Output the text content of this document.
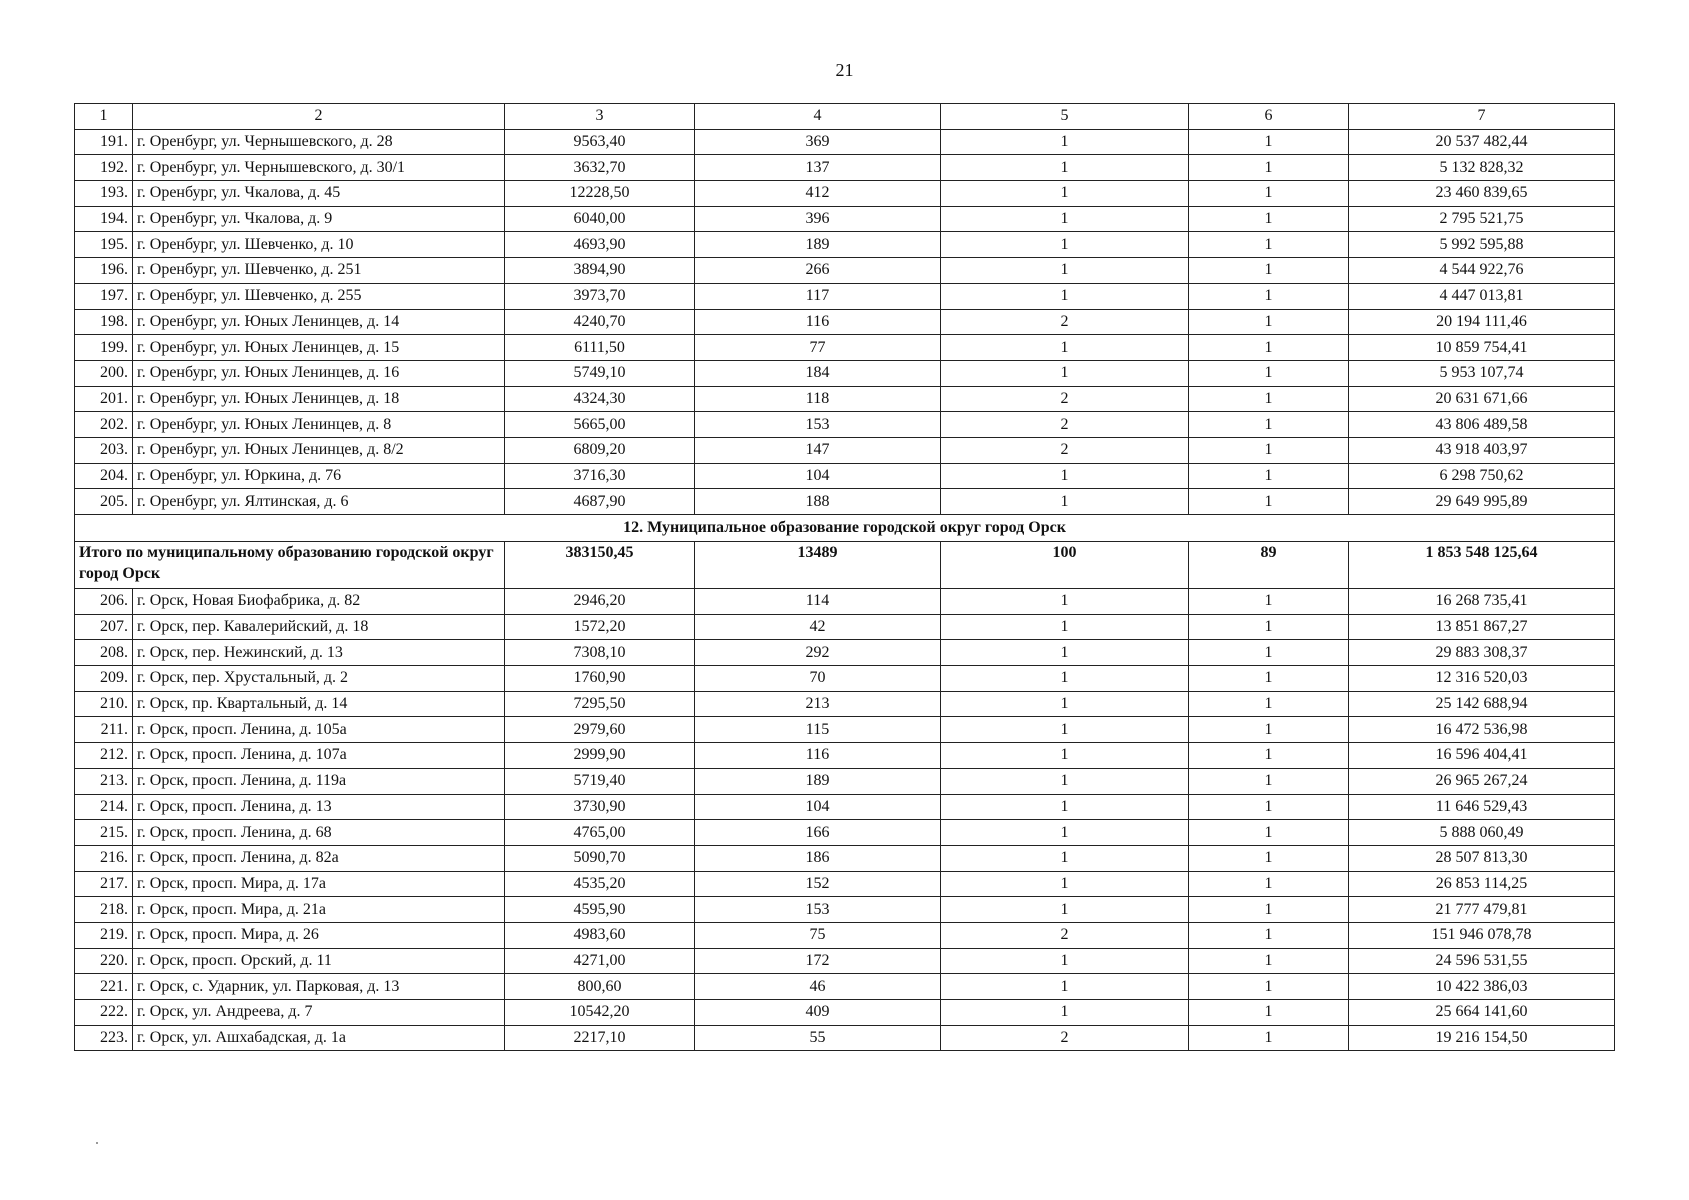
21
1	2	3	4	5	6	7
191.	г. Оренбург, ул. Чернышевского, д. 28	9563,40	369	1	1	20 537 482,44
192.	г. Оренбург, ул. Чернышевского, д. 30/1	3632,70	137	1	1	5 132 828,32
193.	г. Оренбург, ул. Чкалова, д. 45	12228,50	412	1	1	23 460 839,65
194.	г. Оренбург, ул. Чкалова, д. 9	6040,00	396	1	1	2 795 521,75
195.	г. Оренбург, ул. Шевченко, д. 10	4693,90	189	1	1	5 992 595,88
196.	г. Оренбург, ул. Шевченко, д. 251	3894,90	266	1	1	4 544 922,76
197.	г. Оренбург, ул. Шевченко, д. 255	3973,70	117	1	1	4 447 013,81
198.	г. Оренбург, ул. Юных Ленинцев, д. 14	4240,70	116	2	1	20 194 111,46
199.	г. Оренбург, ул. Юных Ленинцев, д. 15	6111,50	77	1	1	10 859 754,41
200.	г. Оренбург, ул. Юных Ленинцев, д. 16	5749,10	184	1	1	5 953 107,74
201.	г. Оренбург, ул. Юных Ленинцев, д. 18	4324,30	118	2	1	20 631 671,66
202.	г. Оренбург, ул. Юных Ленинцев, д. 8	5665,00	153	2	1	43 806 489,58
203.	г. Оренбург, ул. Юных Ленинцев, д. 8/2	6809,20	147	2	1	43 918 403,97
204.	г. Оренбург, ул. Юркина, д. 76	3716,30	104	1	1	6 298 750,62
205.	г. Оренбург, ул. Ялтинская, д. 6	4687,90	188	1	1	29 649 995,89
12. Муниципальное образование городской округ город Орск						
Итого по муниципальному образованию городской округ город Орск		383150,45	13489	100	89	1 853 548 125,64
206.	г. Орск, Новая Биофабрика, д. 82	2946,20	114	1	1	16 268 735,41
207.	г. Орск, пер. Кавалерийский, д. 18	1572,20	42	1	1	13 851 867,27
208.	г. Орск, пер. Нежинский, д. 13	7308,10	292	1	1	29 883 308,37
209.	г. Орск, пер. Хрустальный, д. 2	1760,90	70	1	1	12 316 520,03
210.	г. Орск, пр. Квартальный, д. 14	7295,50	213	1	1	25 142 688,94
211.	г. Орск, просп. Ленина, д. 105а	2979,60	115	1	1	16 472 536,98
212.	г. Орск, просп. Ленина, д. 107а	2999,90	116	1	1	16 596 404,41
213.	г. Орск, просп. Ленина, д. 119а	5719,40	189	1	1	26 965 267,24
214.	г. Орск, просп. Ленина, д. 13	3730,90	104	1	1	11 646 529,43
215.	г. Орск, просп. Ленина, д. 68	4765,00	166	1	1	5 888 060,49
216.	г. Орск, просп. Ленина, д. 82а	5090,70	186	1	1	28 507 813,30
217.	г. Орск, просп. Мира, д. 17а	4535,20	152	1	1	26 853 114,25
218.	г. Орск, просп. Мира, д. 21а	4595,90	153	1	1	21 777 479,81
219.	г. Орск, просп. Мира, д. 26	4983,60	75	2	1	151 946 078,78
220.	г. Орск, просп. Орский, д. 11	4271,00	172	1	1	24 596 531,55
221.	г. Орск, с. Ударник, ул. Парковая, д. 13	800,60	46	1	1	10 422 386,03
222.	г. Орск, ул. Андреева, д. 7	10542,20	409	1	1	25 664 141,60
223.	г. Орск, ул. Ашхабадская, д. 1а	2217,10	55	2	1	19 216 154,50
